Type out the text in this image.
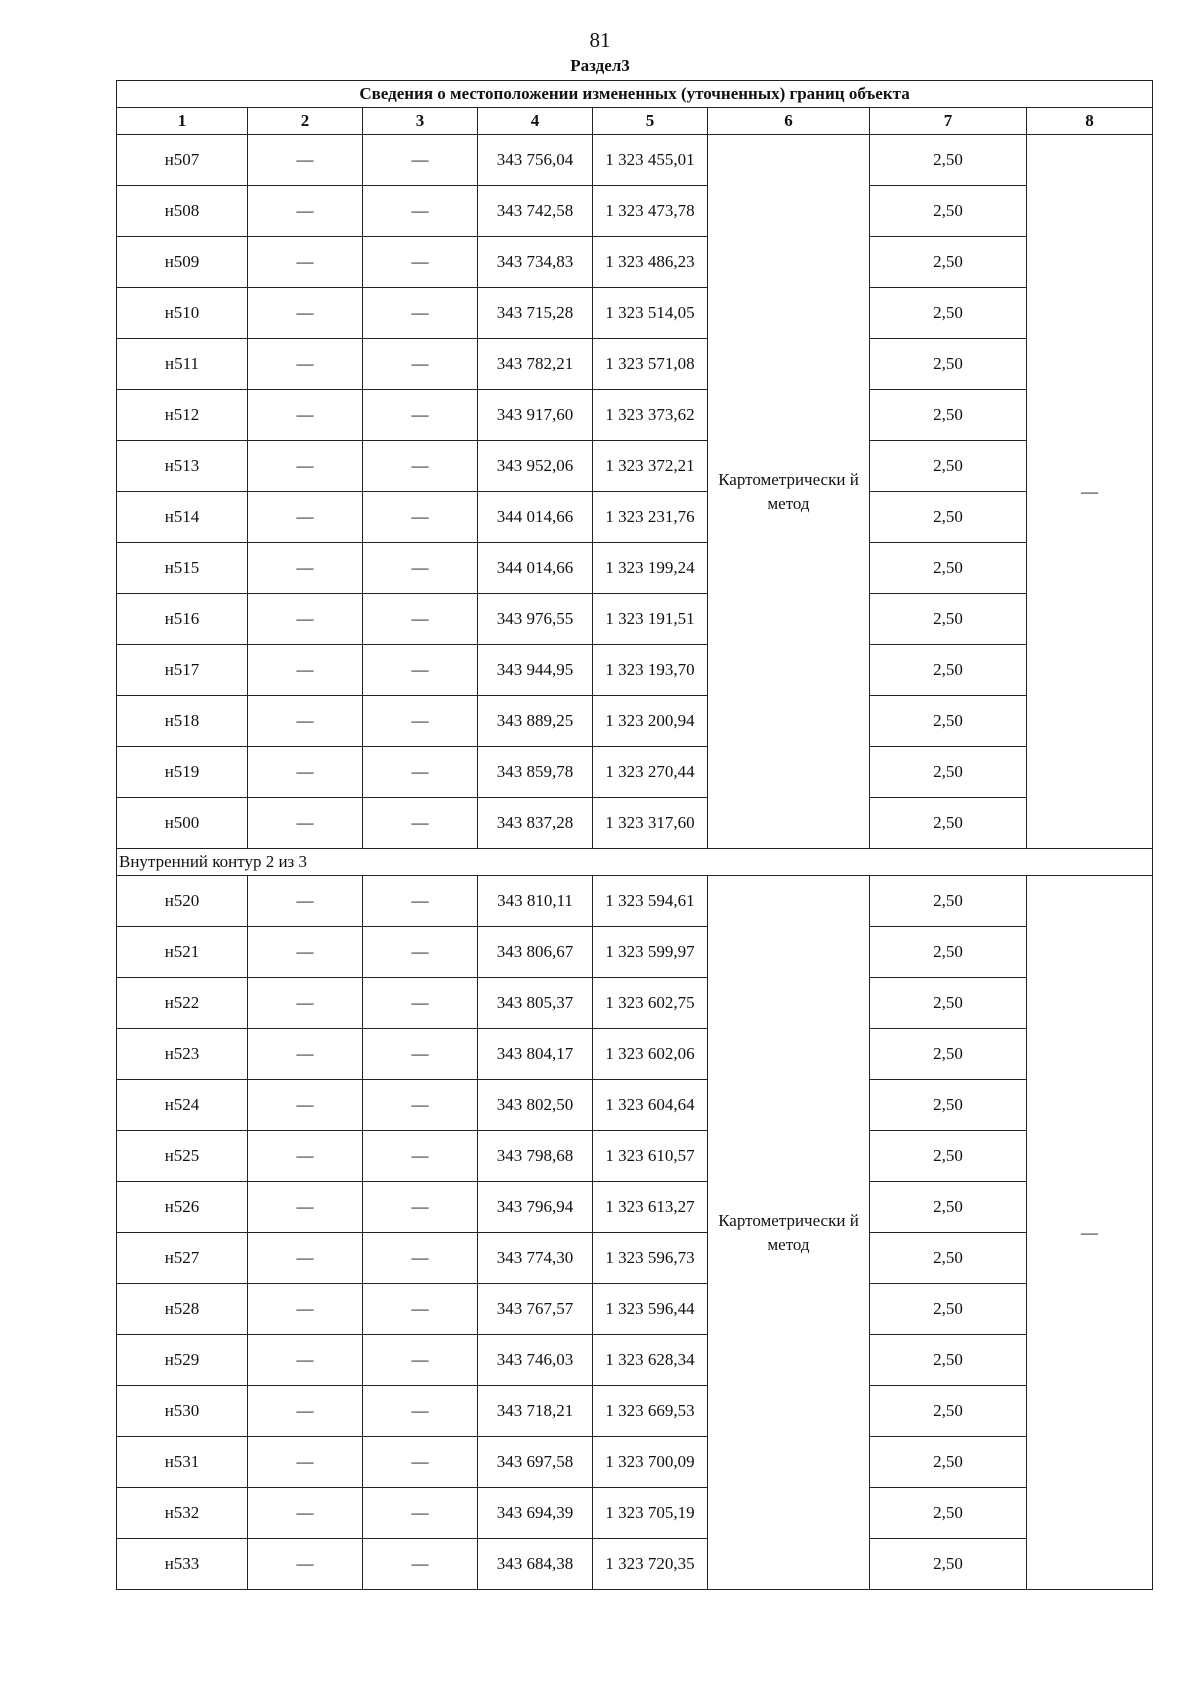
81
Раздел3
Сведения о местоположении измененных (уточненных) границ объекта							
1	2	3	4	5	6	7	8
н507	—	—	343 756,04	1 323 455,01	Картометрически й метод	2,50	—
н508	—	—	343 742,58	1 323 473,78		2,50	
н509	—	—	343 734,83	1 323 486,23		2,50	
н510	—	—	343 715,28	1 323 514,05		2,50	
н511	—	—	343 782,21	1 323 571,08		2,50	
н512	—	—	343 917,60	1 323 373,62		2,50	
н513	—	—	343 952,06	1 323 372,21		2,50	
н514	—	—	344 014,66	1 323 231,76		2,50	
н515	—	—	344 014,66	1 323 199,24		2,50	
н516	—	—	343 976,55	1 323 191,51		2,50	
н517	—	—	343 944,95	1 323 193,70		2,50	
н518	—	—	343 889,25	1 323 200,94		2,50	
н519	—	—	343 859,78	1 323 270,44		2,50	
н500	—	—	343 837,28	1 323 317,60		2,50	
Внутренний контур 2 из 3							
н520	—	—	343 810,11	1 323 594,61	Картометрически й метод	2,50	—
н521	—	—	343 806,67	1 323 599,97		2,50	
н522	—	—	343 805,37	1 323 602,75		2,50	
н523	—	—	343 804,17	1 323 602,06		2,50	
н524	—	—	343 802,50	1 323 604,64		2,50	
н525	—	—	343 798,68	1 323 610,57		2,50	
н526	—	—	343 796,94	1 323 613,27		2,50	
н527	—	—	343 774,30	1 323 596,73		2,50	
н528	—	—	343 767,57	1 323 596,44		2,50	
н529	—	—	343 746,03	1 323 628,34		2,50	
н530	—	—	343 718,21	1 323 669,53		2,50	
н531	—	—	343 697,58	1 323 700,09		2,50	
н532	—	—	343 694,39	1 323 705,19		2,50	
н533	—	—	343 684,38	1 323 720,35		2,50	
